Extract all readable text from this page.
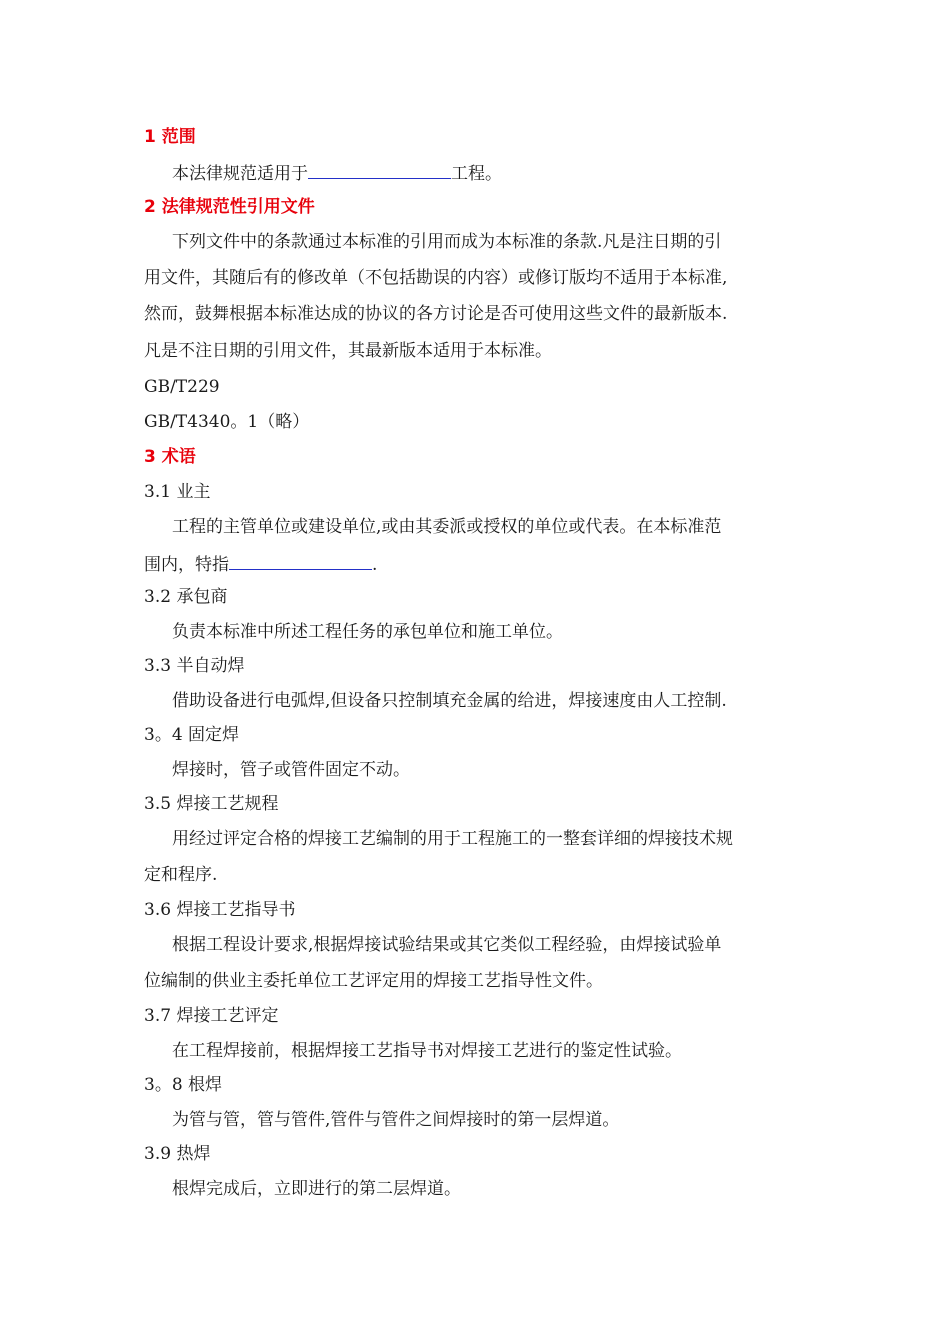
1 范围
本法律规范适用于	工程。
2 法律规范性引用文件
下列文件中的条款通过本标准的引用而成为本标准的条款.凡是注日期的引
用文件，其随后有的修改单（不包括勘误的内容）或修订版均不适用于本标准,
然而，鼓舞根据本标准达成的协议的各方讨论是否可使用这些文件的最新版本.
凡是不注日期的引用文件，其最新版本适用于本标准。
GB/T229
GB/T4340。1（略）
3 术语
3.1 业主
工程的主管单位或建设单位,或由其委派或授权的单位或代表。在本标准范
围内，特指	.
3.2 承包商
负责本标准中所述工程任务的承包单位和施工单位。
3.3 半自动焊
借助设备进行电弧焊,但设备只控制填充金属的给进，焊接速度由人工控制.
3。4 固定焊
焊接时，管子或管件固定不动。
3.5 焊接工艺规程
用经过评定合格的焊接工艺编制的用于工程施工的一整套详细的焊接技术规
定和程序.
3.6 焊接工艺指导书
根据工程设计要求,根据焊接试验结果或其它类似工程经验，由焊接试验单
位编制的供业主委托单位工艺评定用的焊接工艺指导性文件。
3.7 焊接工艺评定
在工程焊接前，根据焊接工艺指导书对焊接工艺进行的鉴定性试验。
3。8 根焊
为管与管，管与管件,管件与管件之间焊接时的第一层焊道。
3.9 热焊
根焊完成后，立即进行的第二层焊道。
